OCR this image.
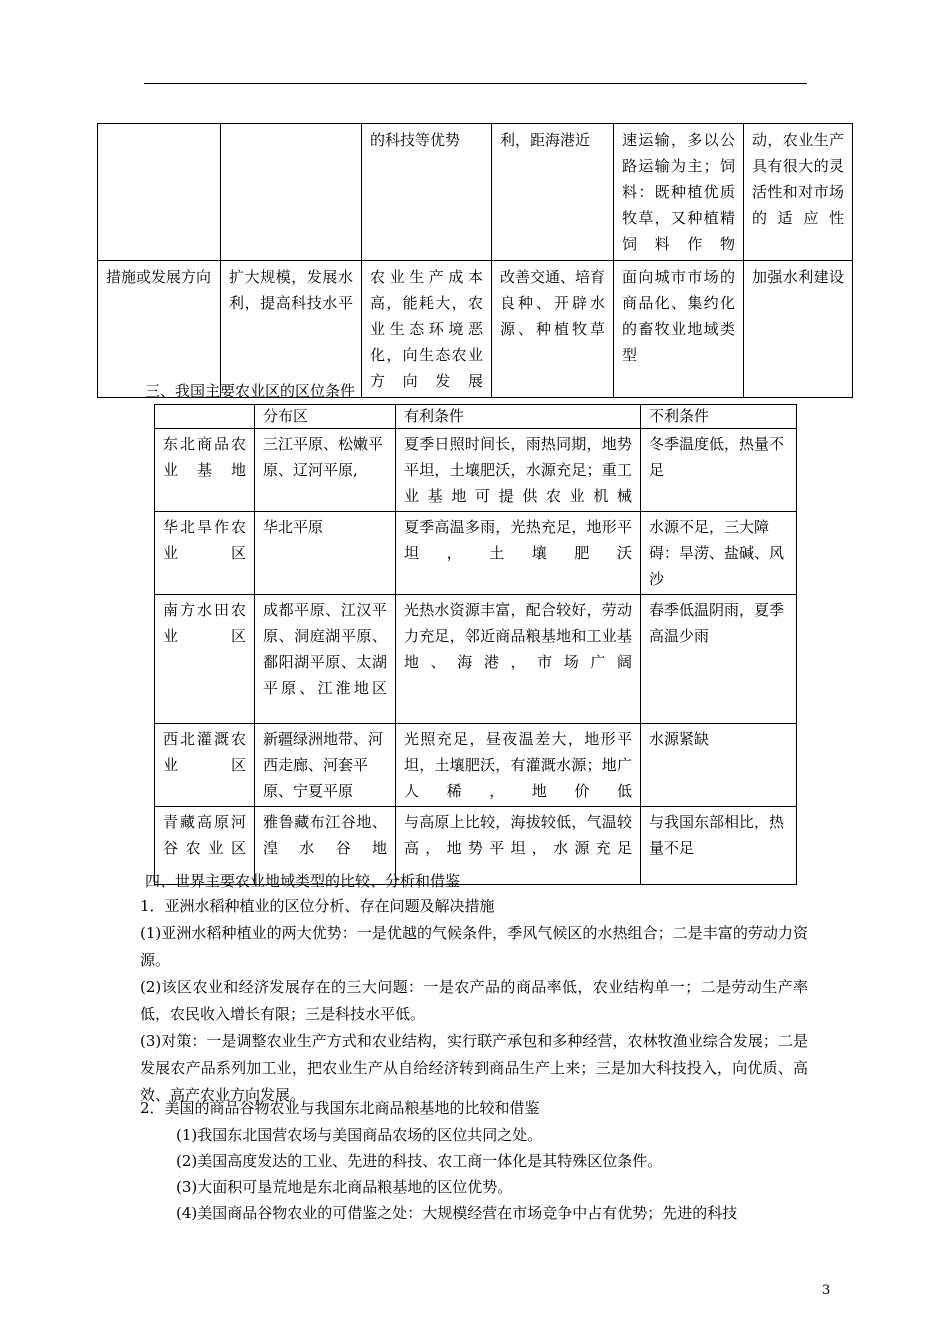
		的科技等优势	利，距海港近	速运输，多以公路运输为主；饲料：既种植优质牧草，又种植精饲料作物	动，农业生产具有很大的灵活性和对市场的适应性
措施或发展方向	扩大规模，发展水利，提高科技水平	农业生产成本高，能耗大，农业生态环境恶化，向生态农业方向发展	改善交通、培育良种、开辟水源、种植牧草	面向城市市场的商品化、集约化的畜牧业地域类型	加强水利建设
三、我国主要农业区的区位条件
	分布区	有利条件	不利条件
东北商品农业基地	三江平原、松嫩平原、辽河平原,	夏季日照时间长，雨热同期，地势平坦，土壤肥沃，水源充足；重工业基地可提供农业机械	冬季温度低，热量不足
华北旱作农业区	华北平原	夏季高温多雨，光热充足，地形平坦，土壤肥沃	水源不足，三大障碍：旱涝、盐碱、风沙
南方水田农业区	成都平原、江汉平原、洞庭湖平原、鄱阳湖平原、太湖平原、江淮地区	光热水资源丰富，配合较好，劳动力充足，邻近商品粮基地和工业基地、海港，市场广阔	春季低温阴雨，夏季高温少雨
西北灌溉农业区	新疆绿洲地带、河西走廊、河套平原、宁夏平原	光照充足，昼夜温差大，地形平坦，土壤肥沃，有灌溉水源；地广人稀，地价低	水源紧缺
青藏高原河谷农业区	雅鲁藏布江谷地、湟水谷地	与高原上比较，海拔较低，气温较高，地势平坦，水源充足	与我国东部相比，热量不足
四、世界主要农业地域类型的比较、分析和借鉴
1．亚洲水稻种植业的区位分析、存在问题及解决措施
(1)亚洲水稻种植业的两大优势：一是优越的气候条件，季风气候区的水热组合；二是丰富的劳动力资源。
(2)该区农业和经济发展存在的三大问题：一是农产品的商品率低，农业结构单一；二是劳动生产率低，农民收入增长有限；三是科技水平低。
(3)对策：一是调整农业生产方式和农业结构，实行联产承包和多种经营，农林牧渔业综合发展；二是发展农产品系列加工业，把农业生产从自给经济转到商品生产上来；三是加大科技投入，向优质、高效、高产农业方向发展。
2．美国的商品谷物农业与我国东北商品粮基地的比较和借鉴
(1)我国东北国营农场与美国商品农场的区位共同之处。
(2)美国高度发达的工业、先进的科技、农工商一体化是其特殊区位条件。
(3)大面积可垦荒地是东北商品粮基地的区位优势。
(4)美国商品谷物农业的可借鉴之处：大规模经营在市场竞争中占有优势；先进的科技
3
